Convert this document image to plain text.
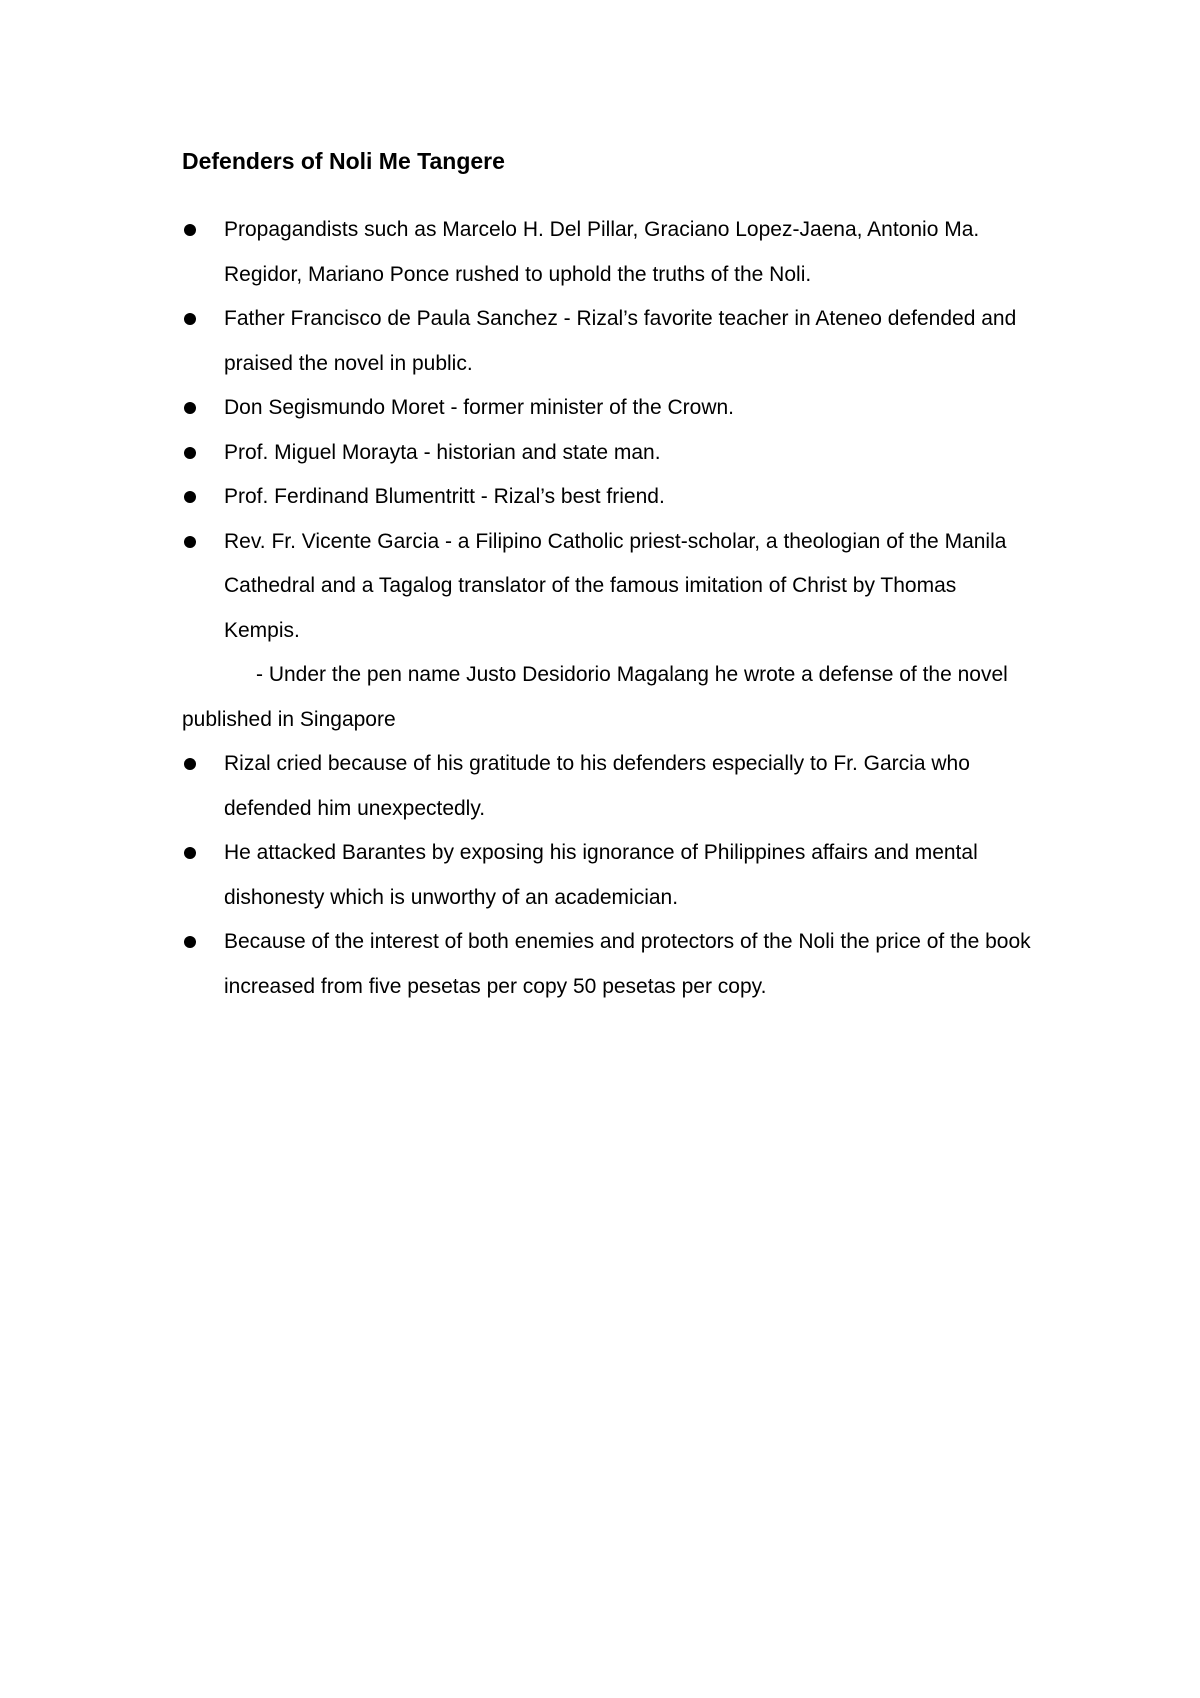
Defenders of Noli Me Tangere
Propagandists such as Marcelo H. Del Pillar, Graciano Lopez-Jaena, Antonio Ma. Regidor, Mariano Ponce rushed to uphold the truths of the Noli.
Father Francisco de Paula Sanchez - Rizal’s favorite teacher in Ateneo defended and praised the novel in public.
Don Segismundo Moret - former minister of the Crown.
Prof. Miguel Morayta - historian and state man.
Prof. Ferdinand Blumentritt - Rizal’s best friend.
Rev. Fr. Vicente Garcia - a Filipino Catholic priest-scholar, a theologian of the Manila Cathedral and a Tagalog translator of the famous imitation of Christ by Thomas Kempis.

- Under the pen name Justo Desidorio Magalang he wrote a defense of the novel published in Singapore

Rizal cried because of his gratitude to his defenders especially to Fr. Garcia who defended him unexpectedly.
He attacked Barantes by exposing his ignorance of Philippines affairs and mental dishonesty which is unworthy of an academician.
Because of the interest of both enemies and protectors of the Noli the price of the book increased from five pesetas per copy 50 pesetas per copy.
